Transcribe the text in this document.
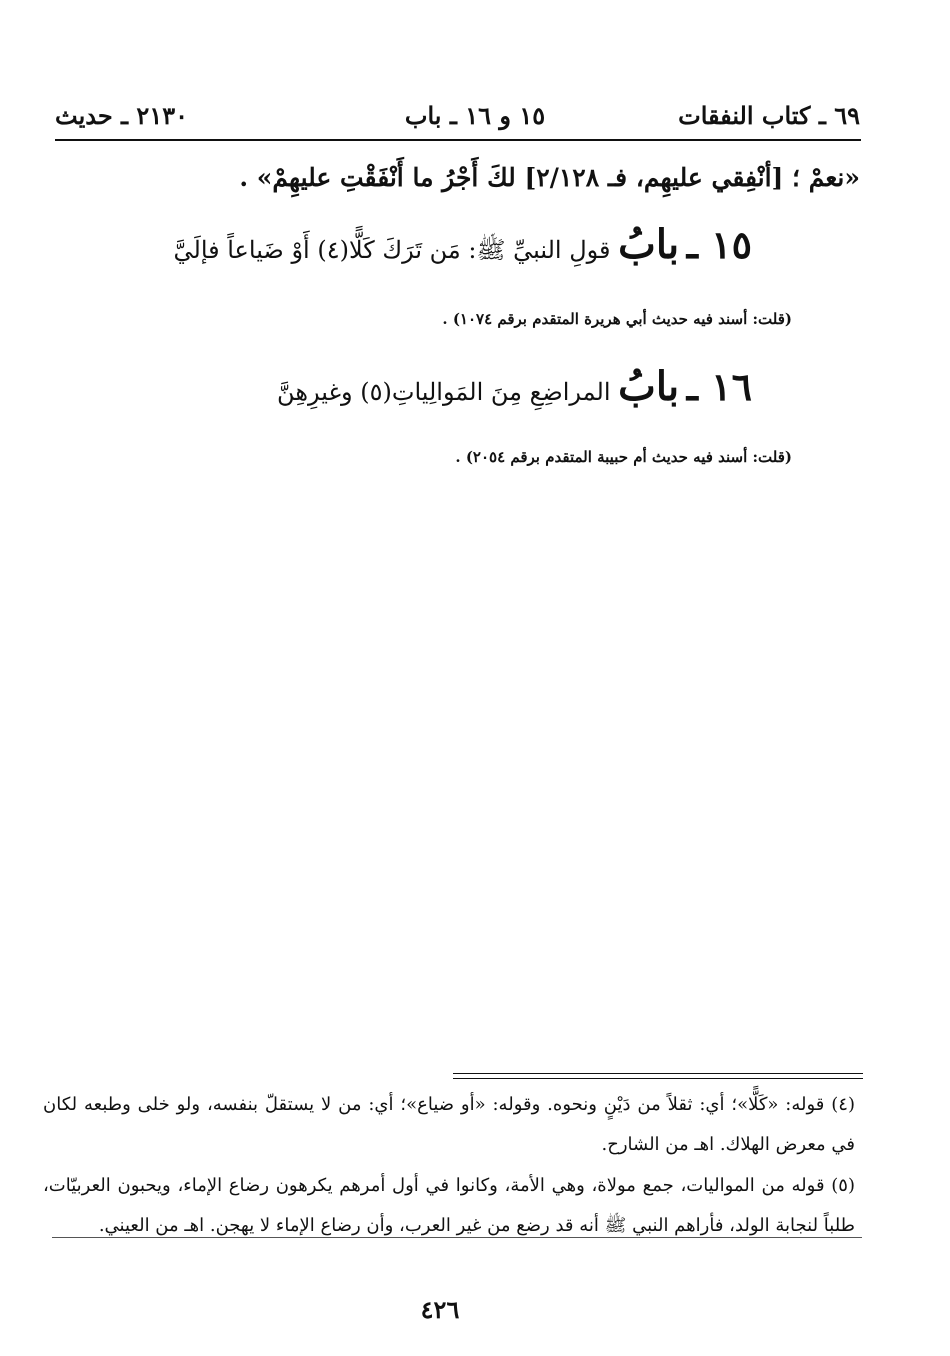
٦٩ ـ كتاب النفقات
١٥ و ١٦ ـ باب
٢١٣٠ ـ حديث
«نعمْ ؛ [أنْفِقي عليهِم، فـ ٢/١٢٨] لكَ أَجْرُ ما أَنْفَقْتِ عليهِمْ» .
١٥ ـ بابُ قولِ النبيِّ ﷺ: مَن تَرَكَ كَلًّا(٤) أَوْ ضَياعاً فإلَيَّ
(قلت: أسند فيه حديث أبي هريرة المتقدم برقم ١٠٧٤) .
١٦ ـ بابُ المراضِعِ مِنَ المَوالِياتِ(٥) وغيرِهِنَّ
(قلت: أسند فيه حديث أم حبيبة المتقدم برقم ٢٠٥٤) .
(٤) قوله: «كَلًّا»؛ أي: ثقلاً من دَيْنٍ ونحوه. وقوله: «أو ضياع»؛ أي: من لا يستقلّ بنفسه، ولو خلى وطبعه لكان في معرض الهلاك. اهـ من الشارح.
(٥) قوله من المواليات، جمع مولاة، وهي الأمة، وكانوا في أول أمرهم يكرهون رضاع الإماء، ويحبون العربيّات، طلباً لنجابة الولد، فأراهم النبي ﷺ أنه قد رضع من غير العرب، وأن رضاع الإماء لا يهجن. اهـ من العيني.
٤٢٦
